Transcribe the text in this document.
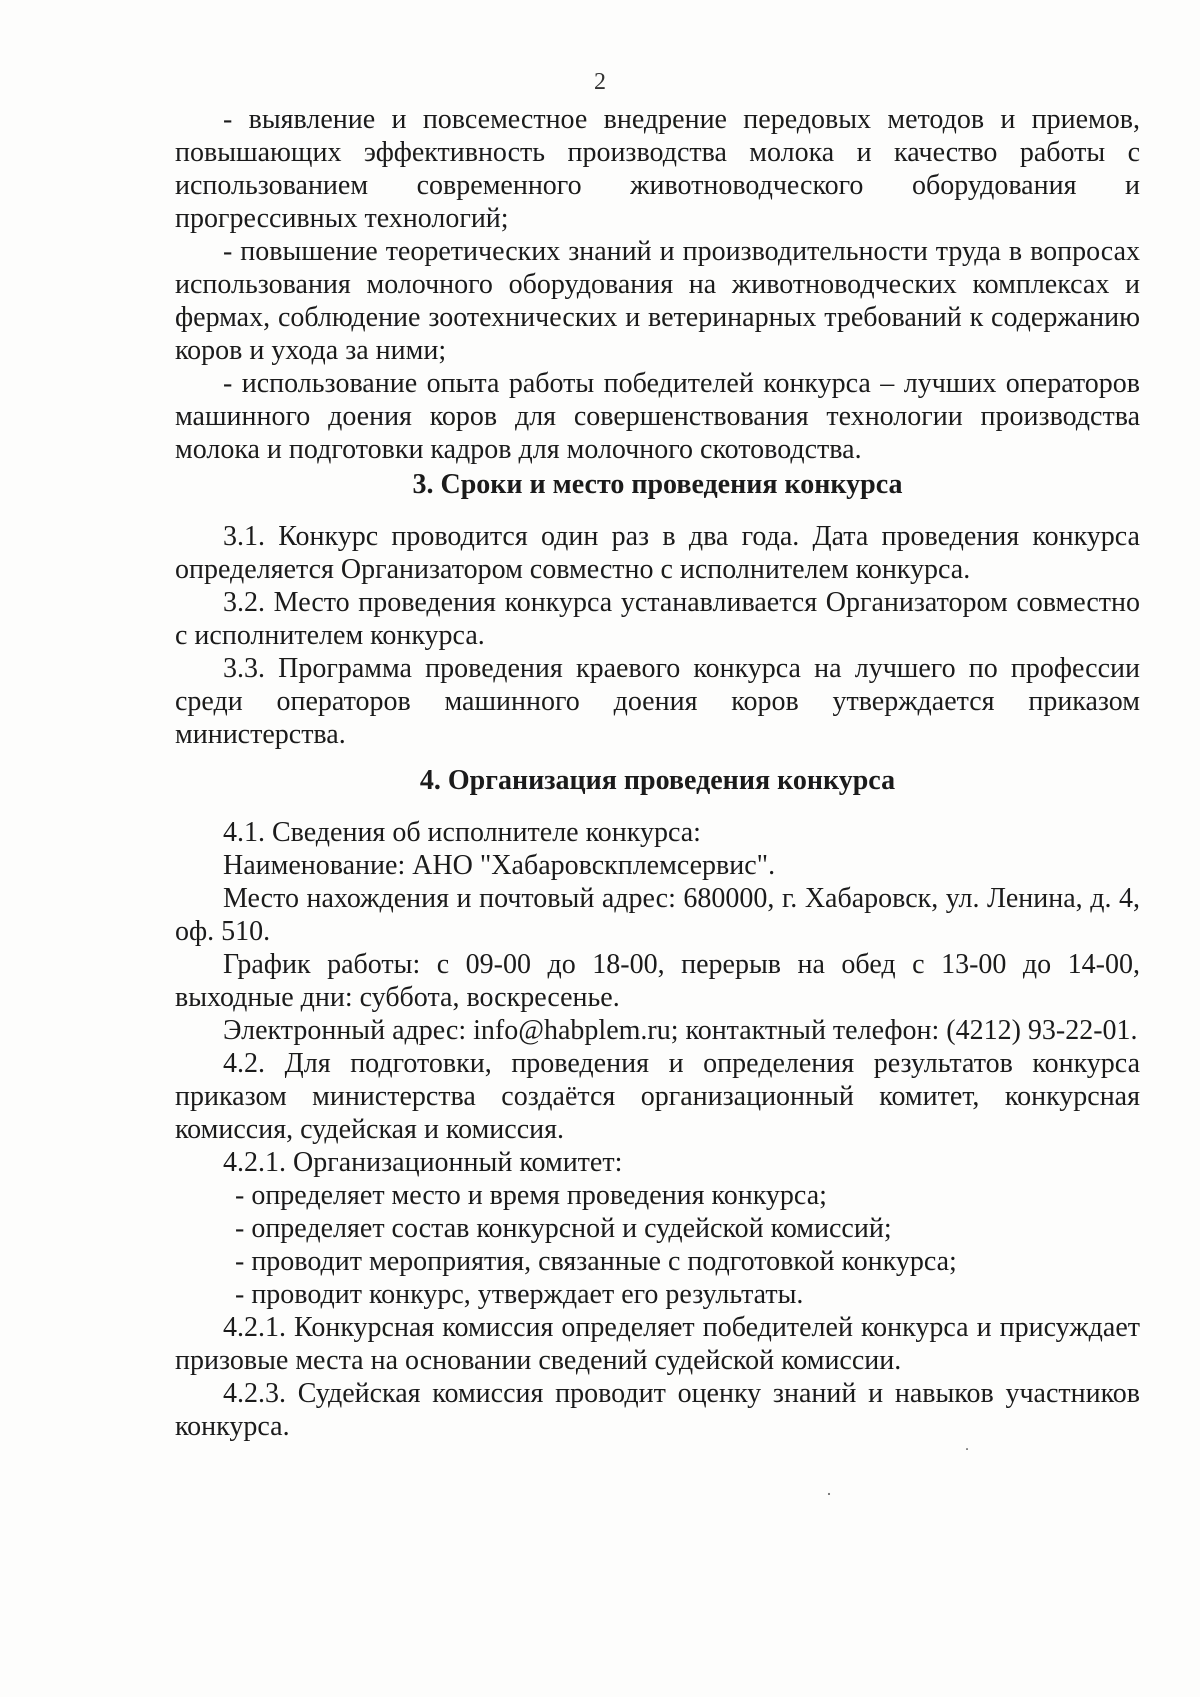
2

- выявление и повсеместное внедрение передовых методов и приемов, повышающих эффективность производства молока и качество работы с использованием современного животноводческого оборудования и прогрессивных технологий;

- повышение теоретических знаний и производительности труда в вопросах использования молочного оборудования на животноводческих комплексах и фермах, соблюдение зоотехнических и ветеринарных требований к содержанию коров и ухода за ними;

- использование опыта работы победителей конкурса – лучших операторов машинного доения коров для совершенствования технологии производства молока и подготовки кадров для молочного скотоводства.

3. Сроки и место проведения конкурса

3.1. Конкурс проводится один раз в два года. Дата проведения конкурса определяется Организатором совместно с исполнителем конкурса.

3.2. Место проведения конкурса устанавливается Организатором совместно с исполнителем конкурса.

3.3. Программа проведения краевого конкурса на лучшего по профессии среди операторов машинного доения коров утверждается приказом министерства.

4. Организация проведения конкурса

4.1. Сведения об исполнителе конкурса:

Наименование: АНО "Хабаровскплемсервис".

Место нахождения и почтовый адрес: 680000, г. Хабаровск, ул. Ленина, д. 4, оф. 510.

График работы: с 09-00 до 18-00, перерыв на обед с 13-00 до 14-00, выходные дни: суббота, воскресенье.

Электронный адрес: info@habplem.ru; контактный телефон: (4212) 93-22-01.

4.2. Для подготовки, проведения и определения результатов конкурса приказом министерства создаётся организационный комитет, конкурсная комиссия, судейская и комиссия.

4.2.1. Организационный комитет:

- определяет место и время проведения конкурса;

- определяет состав конкурсной и судейской комиссий;

- проводит мероприятия, связанные с подготовкой конкурса;

- проводит конкурс, утверждает его результаты.

4.2.1. Конкурсная комиссия определяет победителей конкурса и присуждает призовые места на основании сведений судейской комиссии.

4.2.3. Судейская комиссия проводит оценку знаний и навыков участников конкурса.

˙
·
